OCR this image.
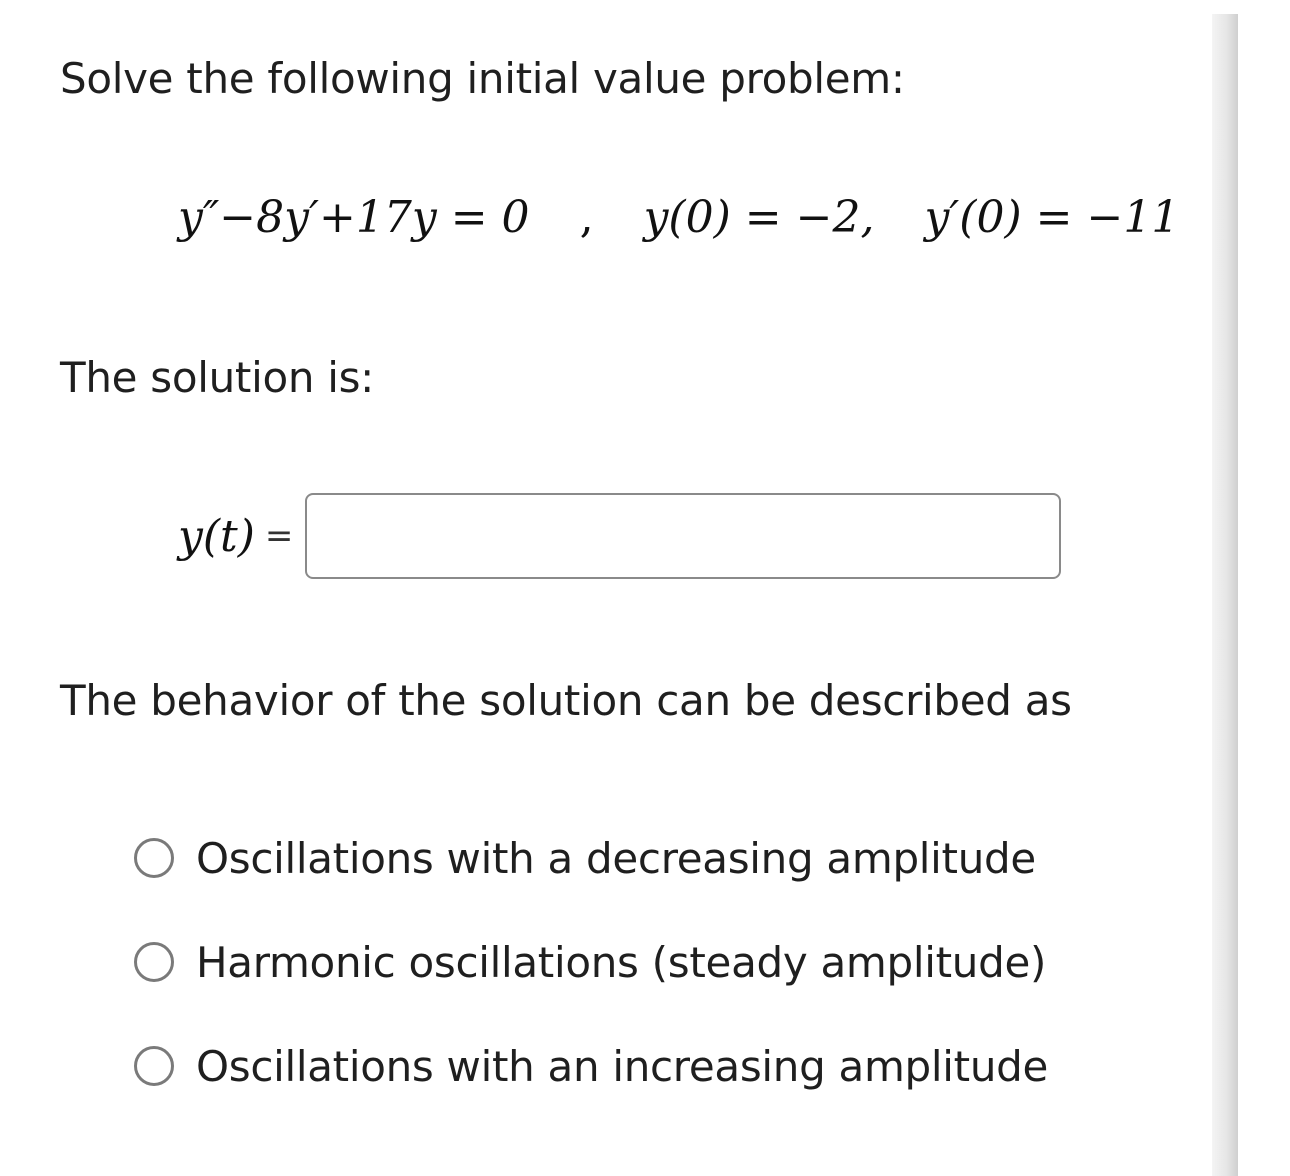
Solve the following initial value problem:
y″−8y′+17y = 0 , y(0) = −2, y′(0) = −11
The solution is:
y(t) =
The behavior of the solution can be described as
Oscillations with a decreasing amplitude
Harmonic oscillations (steady amplitude)
Oscillations with an increasing amplitude
